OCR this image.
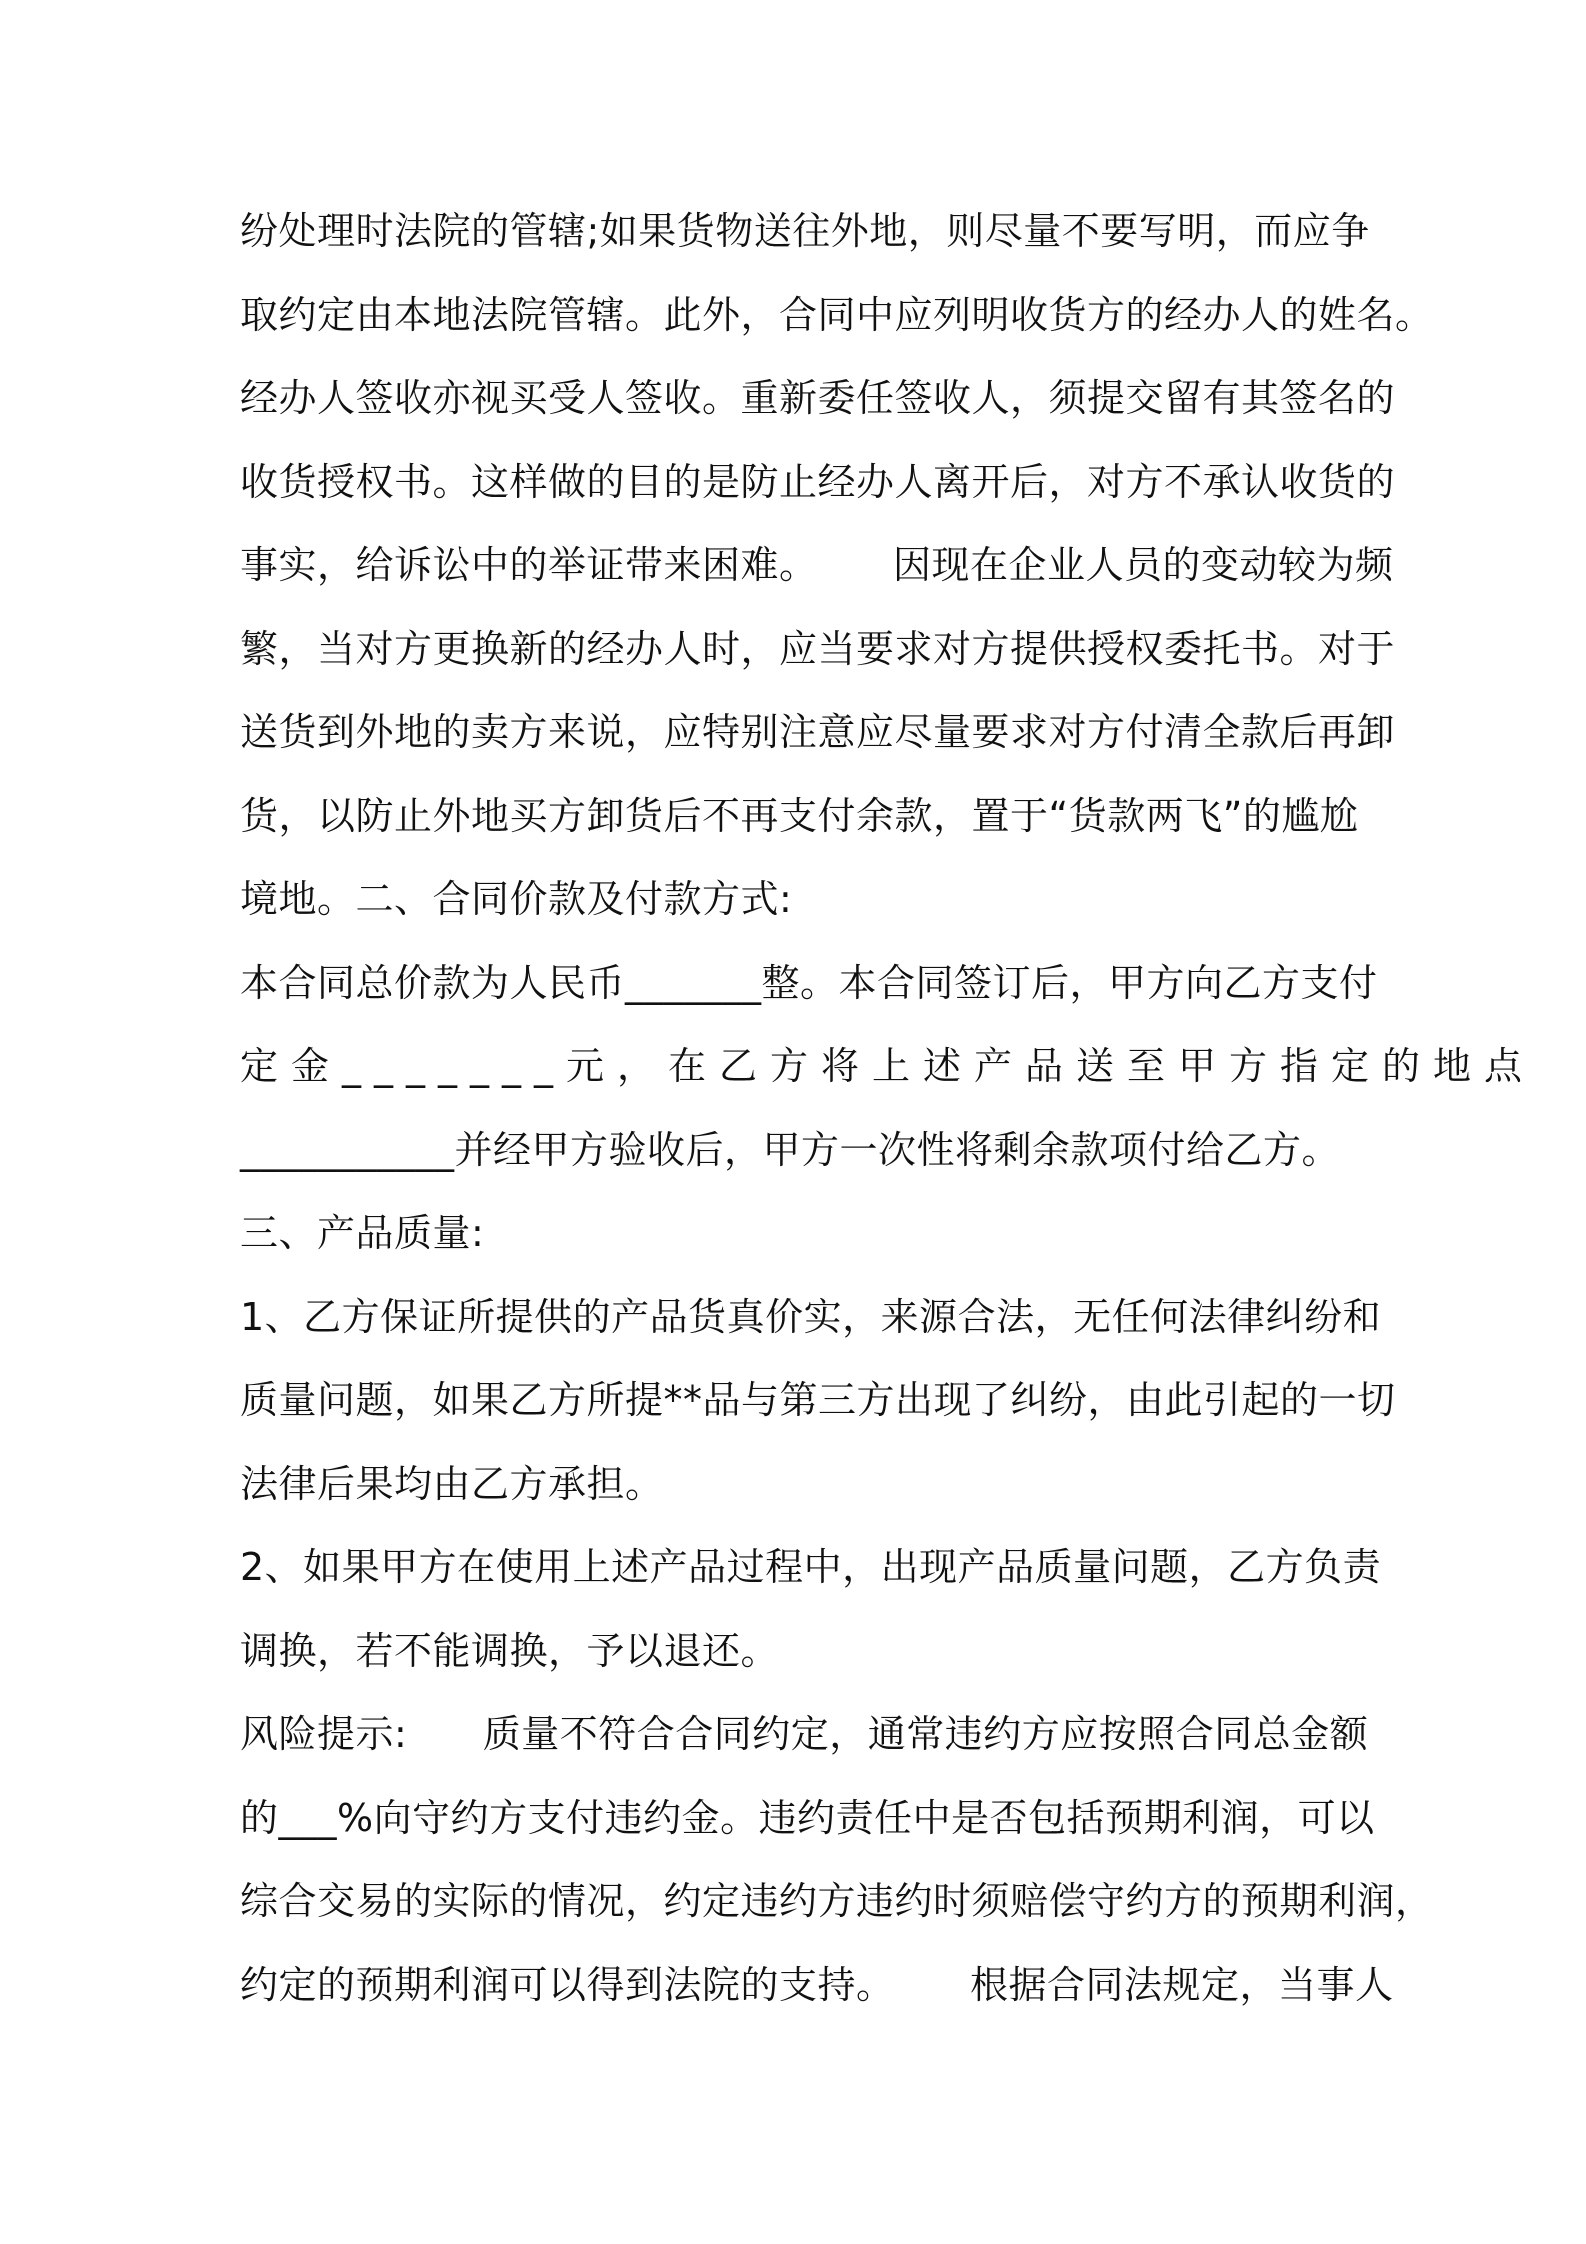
纷处理时法院的管辖;如果货物送往外地，则尽量不要写明，而应争
取约定由本地法院管辖。此外，合同中应列明收货方的经办人的姓名。
经办人签收亦视买受人签收。重新委任签收人，须提交留有其签名的
收货授权书。这样做的目的是防止经办人离开后，对方不承认收货的
事实，给诉讼中的举证带来困难。      因现在企业人员的变动较为频
繁，当对方更换新的经办人时，应当要求对方提供授权委托书。对于
送货到外地的卖方来说，应特别注意应尽量要求对方付清全款后再卸
货，以防止外地买方卸货后不再支付余款，置于“货款两飞”的尴尬
境地。二、合同价款及付款方式:
本合同总价款为人民币_______整。本合同签订后，甲方向乙方支付
定金_______元，在乙方将上述产品送至甲方指定的地点
___________并经甲方验收后，甲方一次性将剩余款项付给乙方。
三、产品质量:
1、乙方保证所提供的产品货真价实，来源合法，无任何法律纠纷和
质量问题，如果乙方所提**品与第三方出现了纠纷，由此引起的一切
法律后果均由乙方承担。
2、如果甲方在使用上述产品过程中，出现产品质量问题，乙方负责
调换，若不能调换，予以退还。
风险提示:      质量不符合合同约定，通常违约方应按照合同总金额
的___%向守约方支付违约金。违约责任中是否包括预期利润，可以
综合交易的实际的情况，约定违约方违约时须赔偿守约方的预期利润，
约定的预期利润可以得到法院的支持。      根据合同法规定，当事人
